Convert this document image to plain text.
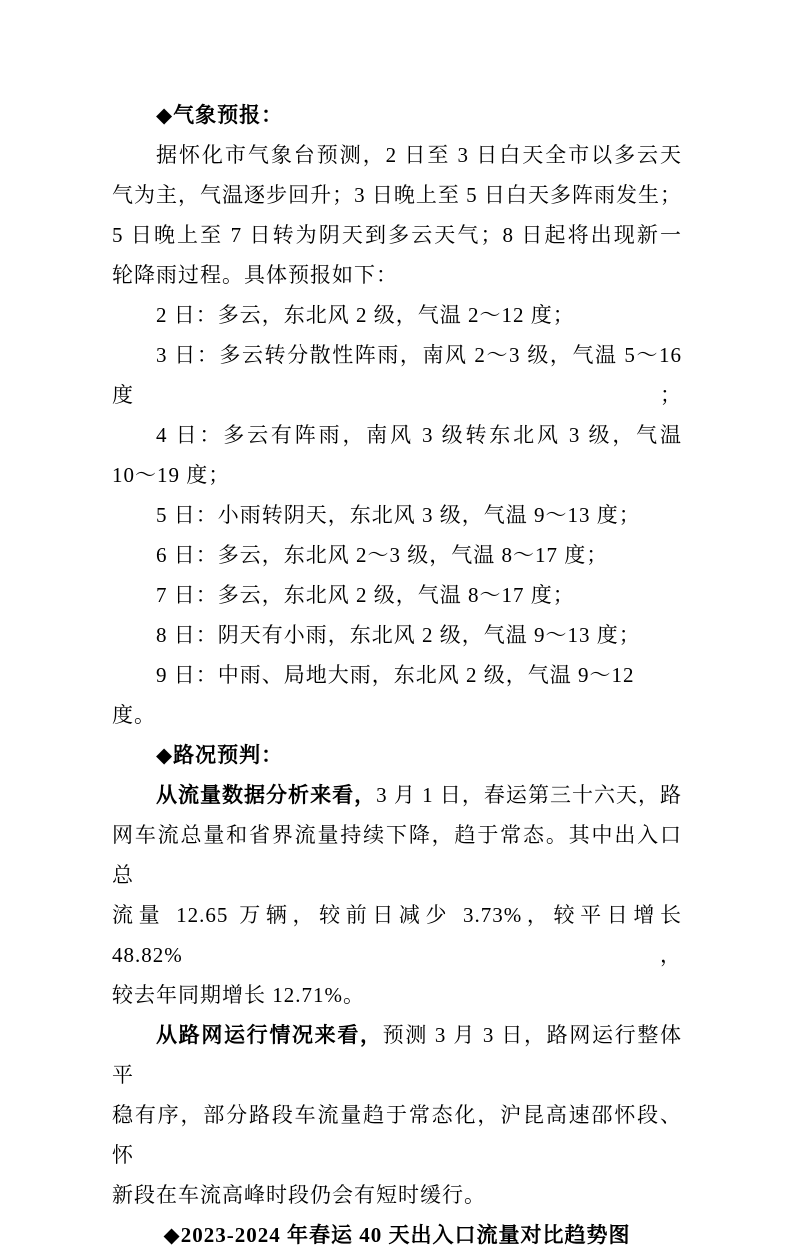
◆气象预报：
据怀化市气象台预测，2 日至 3 日白天全市以多云天
气为主，气温逐步回升；3 日晚上至 5 日白天多阵雨发生；
5 日晚上至 7 日转为阴天到多云天气；8 日起将出现新一
轮降雨过程。具体预报如下：
2 日：多云，东北风 2 级，气温 2～12 度；
3 日：多云转分散性阵雨，南风 2～3 级，气温 5～16 度；
4 日：多云有阵雨，南风 3 级转东北风 3 级，气温
10～19 度；
5 日：小雨转阴天，东北风 3 级，气温 9～13 度；
6 日：多云，东北风 2～3 级，气温 8～17 度；
7 日：多云，东北风 2 级，气温 8～17 度；
8 日：阴天有小雨，东北风 2 级，气温 9～13 度；
9 日：中雨、局地大雨，东北风 2 级，气温 9～12 度。
◆路况预判：
从流量数据分析来看，3 月 1 日，春运第三十六天，路
网车流总量和省界流量持续下降，趋于常态。其中出入口总
流量 12.65 万辆，较前日减少 3.73%，较平日增长 48.82%，
较去年同期增长 12.71%。
从路网运行情况来看，预测 3 月 3 日，路网运行整体平
稳有序，部分路段车流量趋于常态化，沪昆高速邵怀段、怀
新段在车流高峰时段仍会有短时缓行。
◆2023-2024 年春运 40 天出入口流量对比趋势图
